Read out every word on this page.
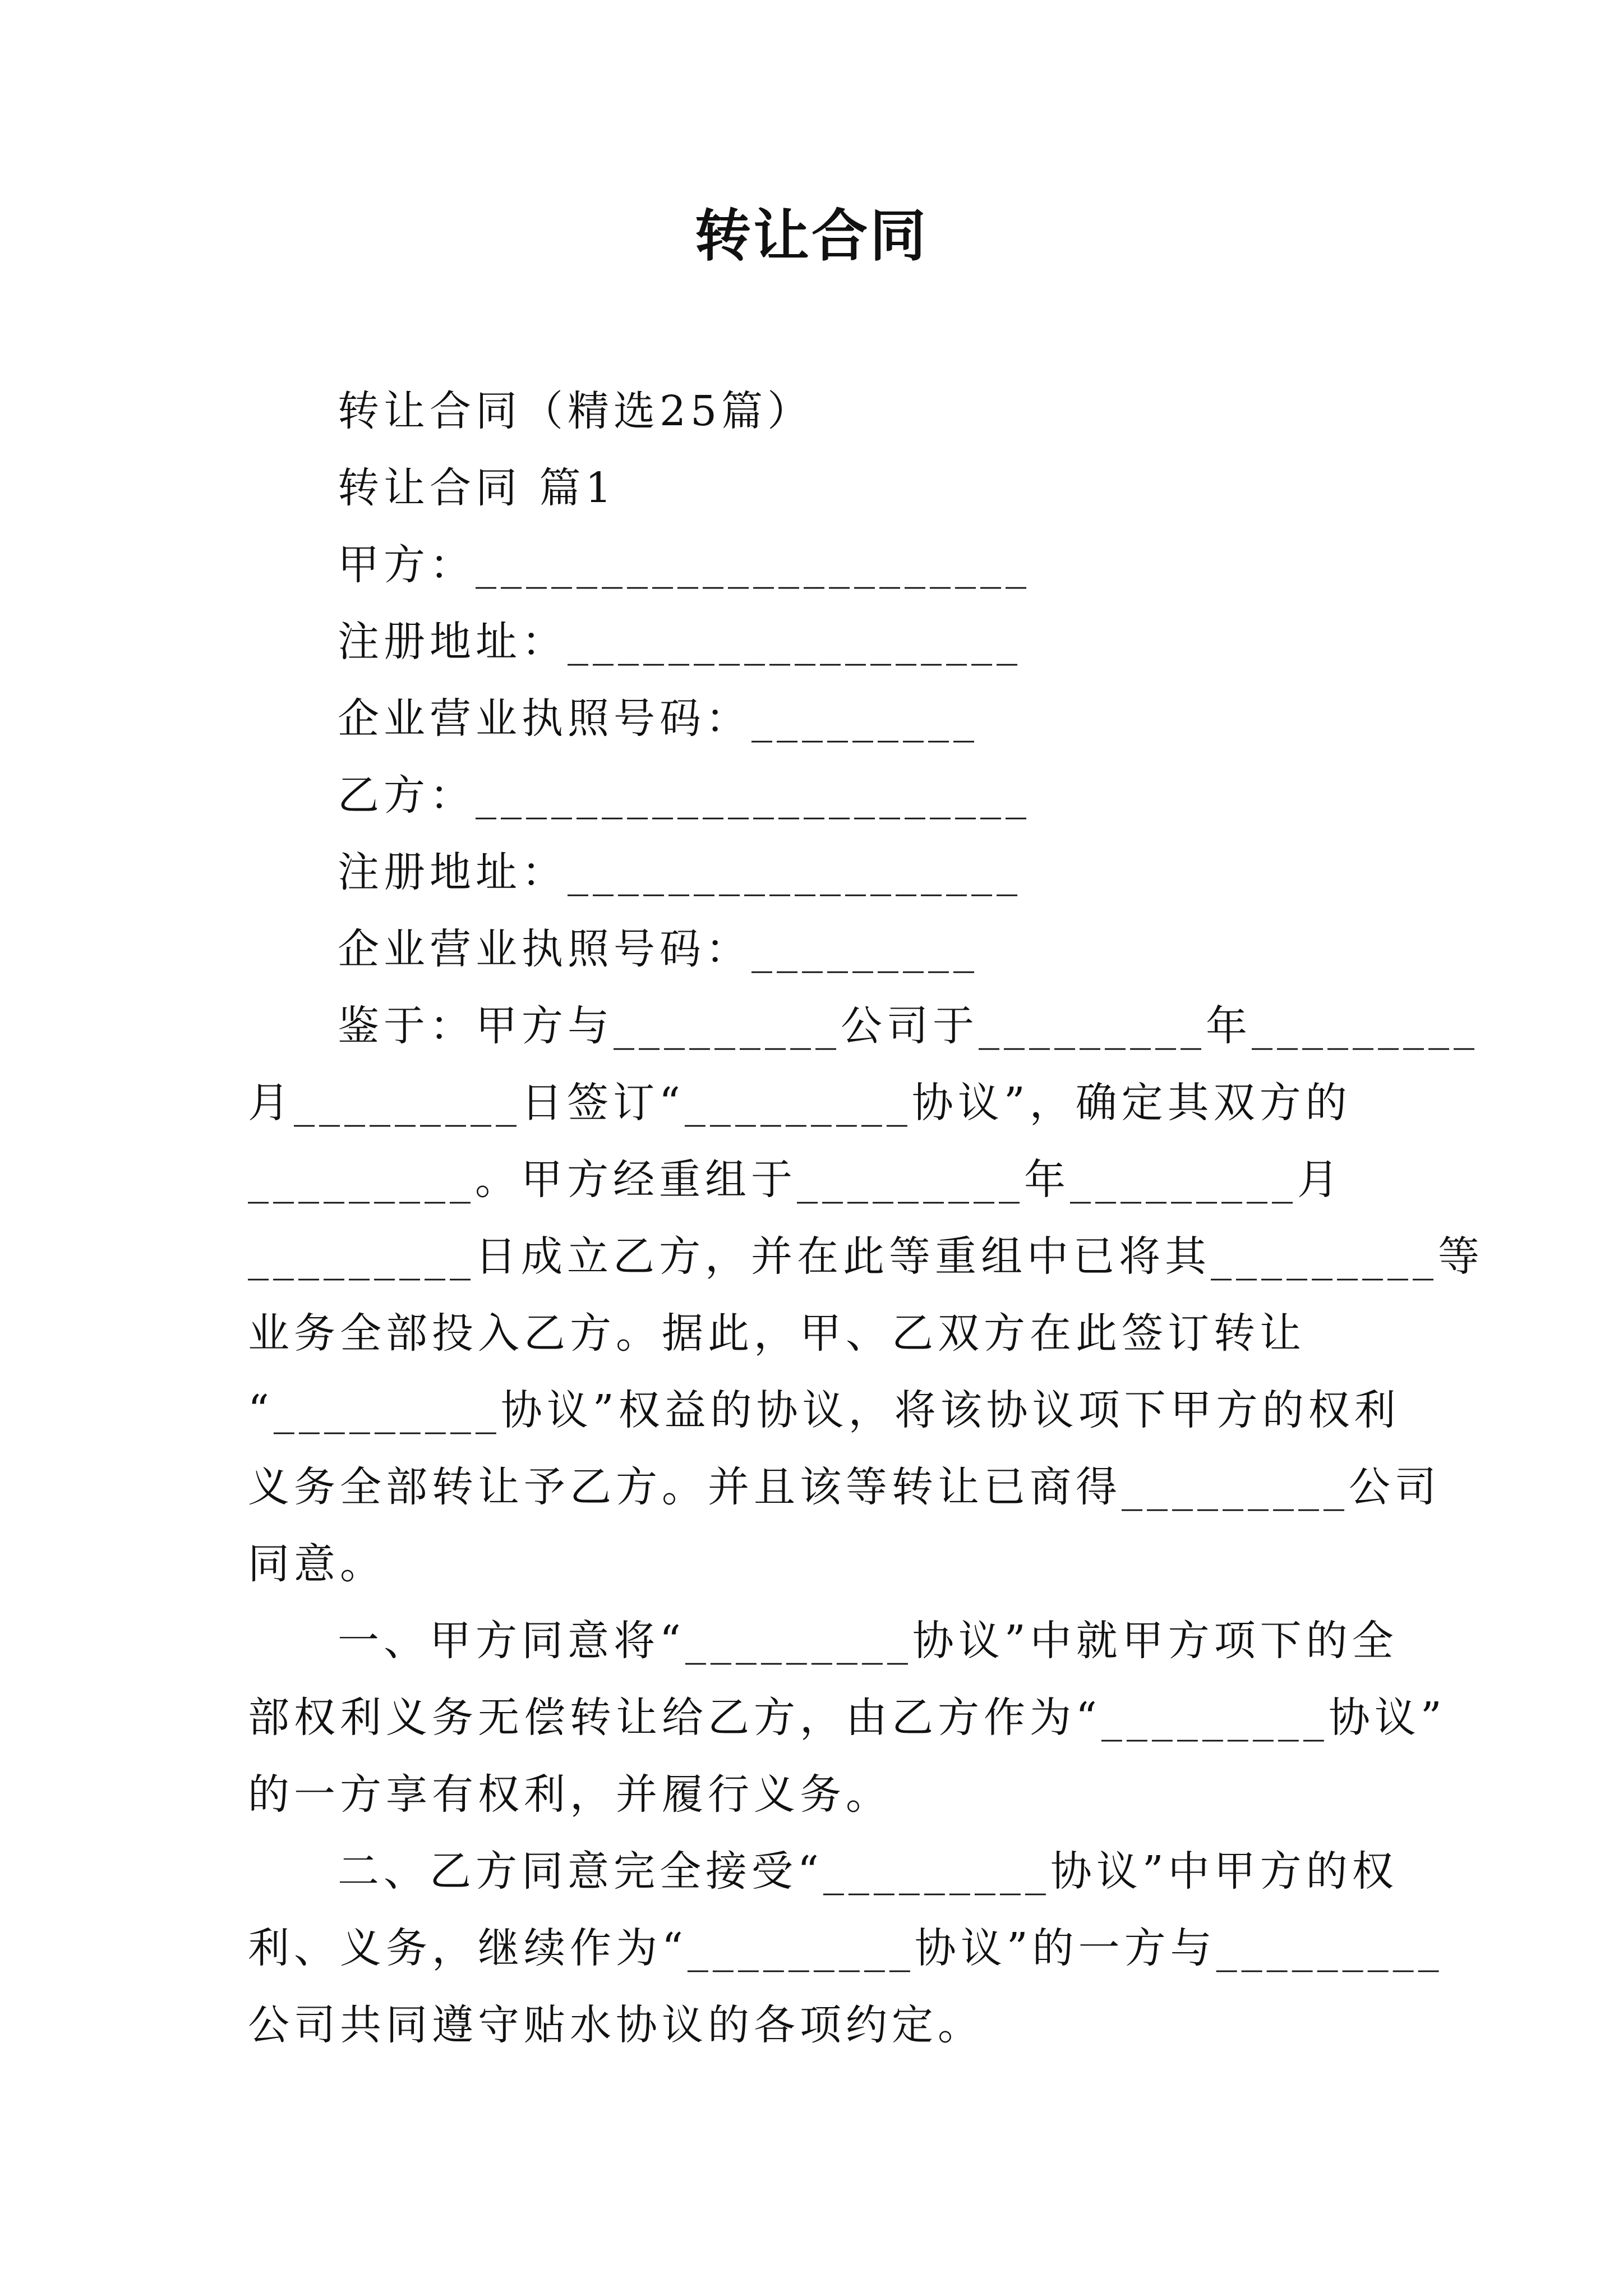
转让合同
转让合同（精选25篇）
转让合同 篇1
甲方：______________________
注册地址：__________________
企业营业执照号码：_________
乙方：______________________
注册地址：__________________
企业营业执照号码：_________
鉴于：甲方与_________公司于_________年_________
月_________日签订“_________协议”，确定其双方的
_________。甲方经重组于_________年_________月
_________日成立乙方，并在此等重组中已将其_________等
业务全部投入乙方。据此，甲、乙双方在此签订转让
“_________协议”权益的协议，将该协议项下甲方的权利
义务全部转让予乙方。并且该等转让已商得_________公司
同意。
一、甲方同意将“_________协议”中就甲方项下的全
部权利义务无偿转让给乙方，由乙方作为“_________协议”
的一方享有权利，并履行义务。
二、乙方同意完全接受“_________协议”中甲方的权
利、义务，继续作为“_________协议”的一方与_________
公司共同遵守贴水协议的各项约定。
